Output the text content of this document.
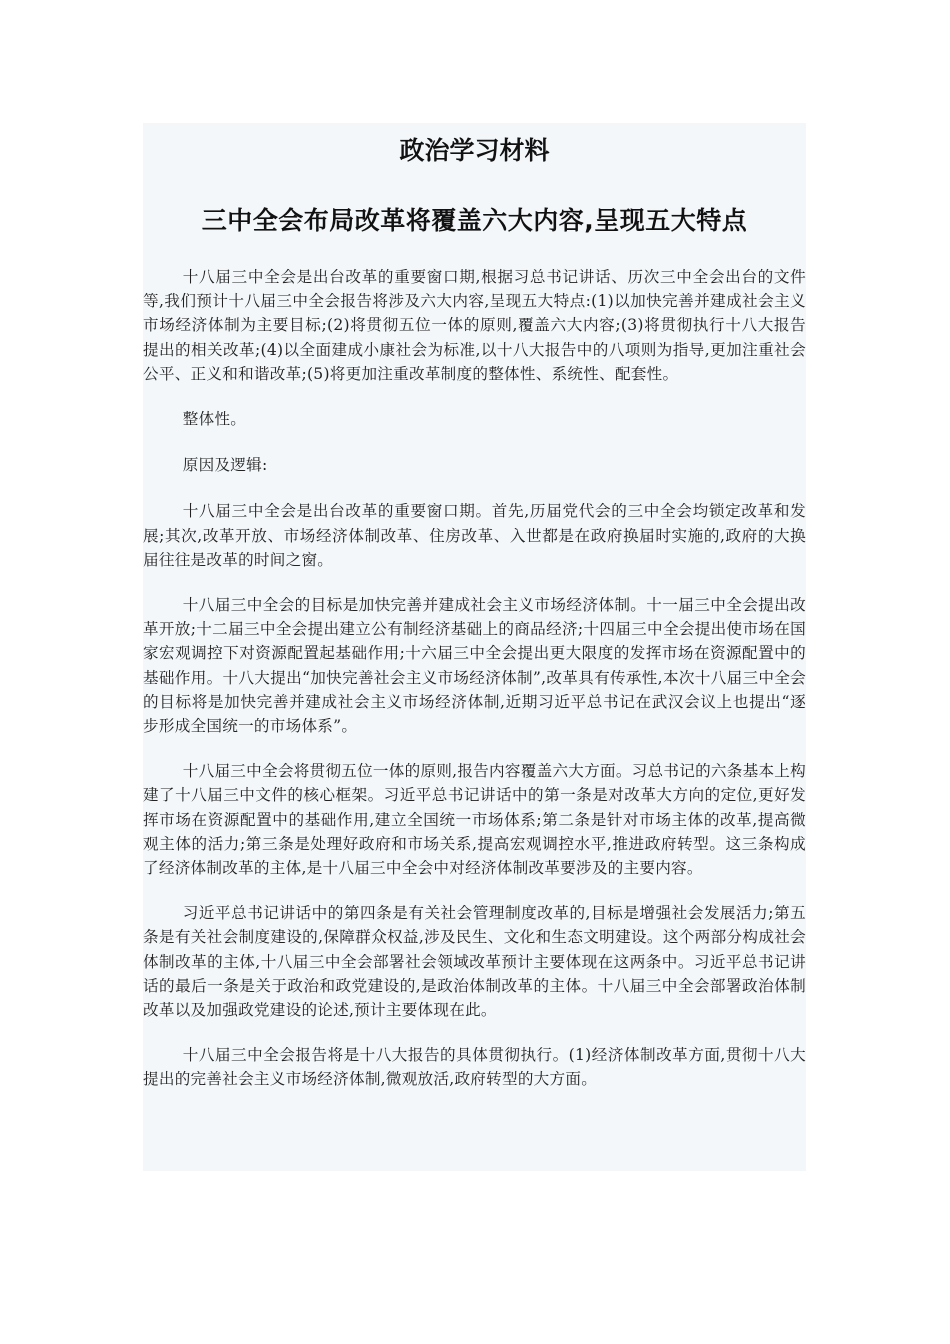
政治学习材料
三中全会布局改革将覆盖六大内容,呈现五大特点

十八届三中全会是出台改革的重要窗口期,根据习总书记讲话、历次三中全会出台的文件等,我们预计十八届三中全会报告将涉及六大内容,呈现五大特点:(1)以加快完善并建成社会主义市场经济体制为主要目标;(2)将贯彻五位一体的原则,覆盖六大内容;(3)将贯彻执行十八大报告提出的相关改革;(4)以全面建成小康社会为标准,以十八大报告中的八项则为指导,更加注重社会公平、正义和和谐改革;(5)将更加注重改革制度的整体性、系统性、配套性。

整体性。

原因及逻辑:

十八届三中全会是出台改革的重要窗口期。首先,历届党代会的三中全会均锁定改革和发展;其次,改革开放、市场经济体制改革、住房改革、入世都是在政府换届时实施的,政府的大换届往往是改革的时间之窗。

十八届三中全会的目标是加快完善并建成社会主义市场经济体制。十一届三中全会提出改革开放;十二届三中全会提出建立公有制经济基础上的商品经济;十四届三中全会提出使市场在国家宏观调控下对资源配置起基础作用;十六届三中全会提出更大限度的发挥市场在资源配置中的基础作用。十八大提出“加快完善社会主义市场经济体制”,改革具有传承性,本次十八届三中全会的目标将是加快完善并建成社会主义市场经济体制,近期习近平总书记在武汉会议上也提出“逐步形成全国统一的市场体系”。

十八届三中全会将贯彻五位一体的原则,报告内容覆盖六大方面。习总书记的六条基本上构建了十八届三中文件的核心框架。习近平总书记讲话中的第一条是对改革大方向的定位,更好发挥市场在资源配置中的基础作用,建立全国统一市场体系;第二条是针对市场主体的改革,提高微观主体的活力;第三条是处理好政府和市场关系,提高宏观调控水平,推进政府转型。这三条构成了经济体制改革的主体,是十八届三中全会中对经济体制改革要涉及的主要内容。

习近平总书记讲话中的第四条是有关社会管理制度改革的,目标是增强社会发展活力;第五条是有关社会制度建设的,保障群众权益,涉及民生、文化和生态文明建设。这个两部分构成社会体制改革的主体,十八届三中全会部署社会领域改革预计主要体现在这两条中。习近平总书记讲话的最后一条是关于政治和政党建设的,是政治体制改革的主体。十八届三中全会部署政治体制改革以及加强政党建设的论述,预计主要体现在此。

十八届三中全会报告将是十八大报告的具体贯彻执行。(1)经济体制改革方面,贯彻十八大提出的完善社会主义市场经济体制,微观放活,政府转型的大方面。
